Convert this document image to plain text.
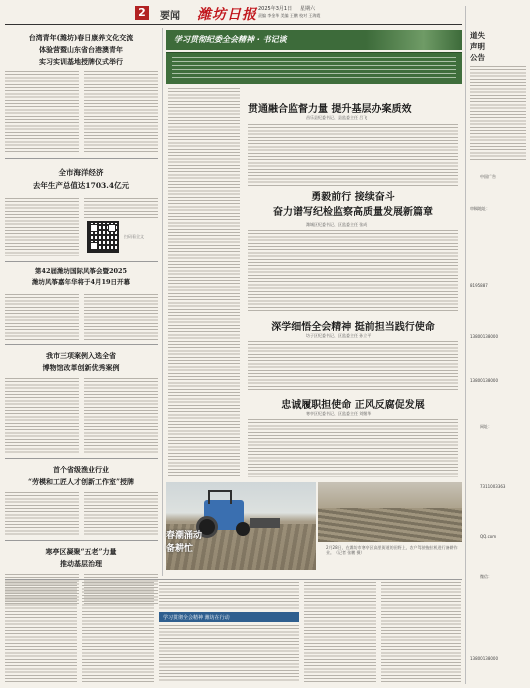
2	要闻 潍坊日报 2025年3月1日 星期六
责编 李金华 美编 王鹏 校对 王海霞
台湾青年(潍坊)春日康养文化交流
体验营暨山东省台港澳青年
实习实训基地授牌仪式举行
全市海洋经济
去年生产总值达1703.4亿元
扫码看全文
第42届潍坊国际风筝会暨2025
潍坊风筝嘉年华将于4月19日开幕
我市三项案例入选全省
博物馆改革创新优秀案例
首个省级渔业行业
“劳模和工匠人才创新工作室”授牌
寒亭区凝聚“五老”力量
推动基层治理
学习贯彻纪委全会精神 · 书记谈
贯通融合监督力量 提升基层办案质效
昌乐县纪委书记、县监委主任 吕飞
勇毅前行 接续奋斗
奋力谱写纪检监察高质量发展新篇章
潍城区纪委书记、区监委主任 张成
深学细悟全会精神 挺前担当践行使命
坊子区纪委书记、区监委主任 孙立平
忠诚履职担使命 正风反腐促发展
寒亭区纪委书记、区监委主任 刘继华
春潮涌动
备耕忙	2月28日，在潍坊市寒亭区高里街道的田野上，农户驾驶拖拉机进行备耕作业。（记者 张鹏 摄）
学习贯彻全会精神 潍坊在行动
道失
声明
公告
中国广告
审稿地址：
8195887
13800138000
13800138000
网址：
7311003363
QQ.com
微信：
13800138000
